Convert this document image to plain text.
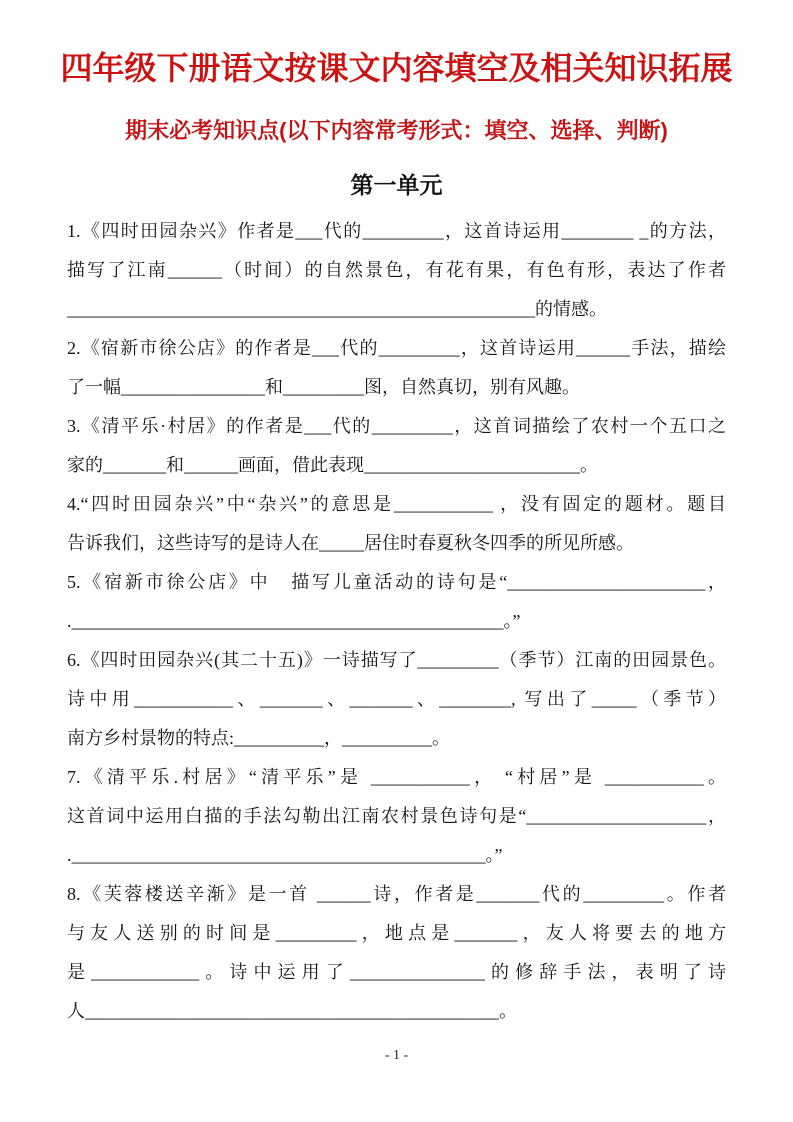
四年级下册语文按课文内容填空及相关知识拓展
期末必考知识点(以下内容常考形式：填空、选择、判断)
第一单元
1.《四时田园杂兴》作者是___代的_________，这首诗运用________ _的方法，
描写了江南______（时间）的自然景色，有花有果，有色有形，表达了作者
____________________________________________________的情感。
2.《宿新市徐公店》的作者是___代的_________，这首诗运用______手法，描绘
了一幅________________和_________图，自然真切，别有风趣。
3.《清平乐·村居》的作者是___代的_________，这首词描绘了农村一个五口之
家的_______和______画面，借此表现________________________。
4.“四时田园杂兴”中“杂兴”的意思是___________ ，没有固定的题材。题目
告诉我们，这些诗写的是诗人在_____居住时春夏秋冬四季的所见所感。
5.《宿新市徐公店》中　描写儿童活动的诗句是“______________________，
.________________________________________________。”
6.《四时田园杂兴(其二十五)》一诗描写了_________（季节）江南的田园景色。
诗中用___________、_______、_______、________, 写出了_____（季节）
南方乡村景物的特点:__________，__________。
7.《清平乐.村居》“清平乐”是 ___________， “村居”是 ___________。
这首词中运用白描的手法勾勒出江南农村景色诗句是“____________________，
.______________________________________________。”
8.《芙蓉楼送辛渐》是一首 ______诗，作者是_______代的_________。作者
与友人送别的时间是_________，地点是_______，友人将要去的地方
是____________。诗中运用了_______________的修辞手法，表明了诗
人______________________________________________。
- 1 -
